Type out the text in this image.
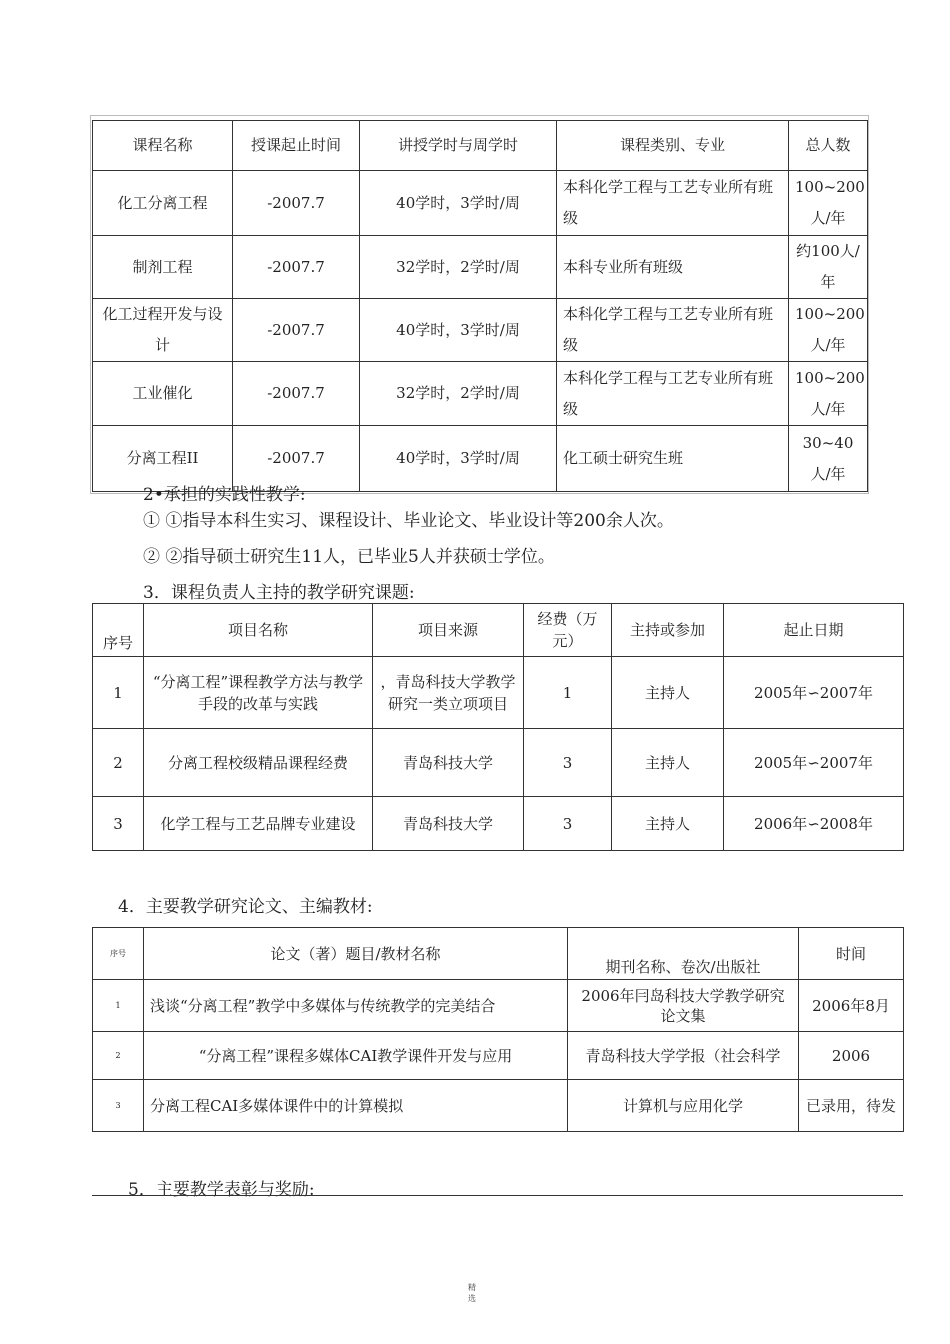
课程名称	授课起止时间	讲授学时与周学时	课程类别、专业	总人数
化工分离工程	-2007.7	40学时，3学时/周	本科化学工程与工艺专业所有班级	100~200人/年
制剂工程	-2007.7	32学时，2学时/周	本科专业所有班级	约100人/年
化工过程开发与设计	-2007.7	40学时，3学时/周	本科化学工程与工艺专业所有班级	100~200人/年
工业催化	-2007.7	32学时，2学时/周	本科化学工程与工艺专业所有班级	100~200人/年
分离工程II	-2007.7	40学时，3学时/周	化工硕士研究生班	30~40人/年
2•承担的实践性教学:
① ①指导本科生实习、课程设计、毕业论文、毕业设计等200余人次。
② ②指导硕士研究生11人，已毕业5人并获硕士学位。
3．课程负责人主持的教学研究课题:
序号	项目名称	项目来源	经费（万元）	主持或参加	起止日期
1	“分离工程”课程教学方法与教学手段的改革与实践	，青岛科技大学教学研究一类立项项目	1	主持人	2005年∽2007年
2	分离工程校级精品课程经费	青岛科技大学	3	主持人	2005年∽2007年
3	化学工程与工艺品牌专业建设	青岛科技大学	3	主持人	2006年∽2008年
4．主要教学研究论文、主编教材:
序号	论文（著）题目/教材名称	期刊名称、卷次/出版社	时间
1	浅谈“分离工程”教学中多媒体与传统教学的完美结合	2006年冃岛科技大学教学研究论文集	2006年8月
2	“分离工程”课程多媒体CAI教学课件开发与应用	青岛科技大学学报（社会科学	2006
3	分离工程CAI多媒体课件中的计算模拟	计算机与应用化学	已录用，待发
5．主要教学表彰与奖励:
精
选
